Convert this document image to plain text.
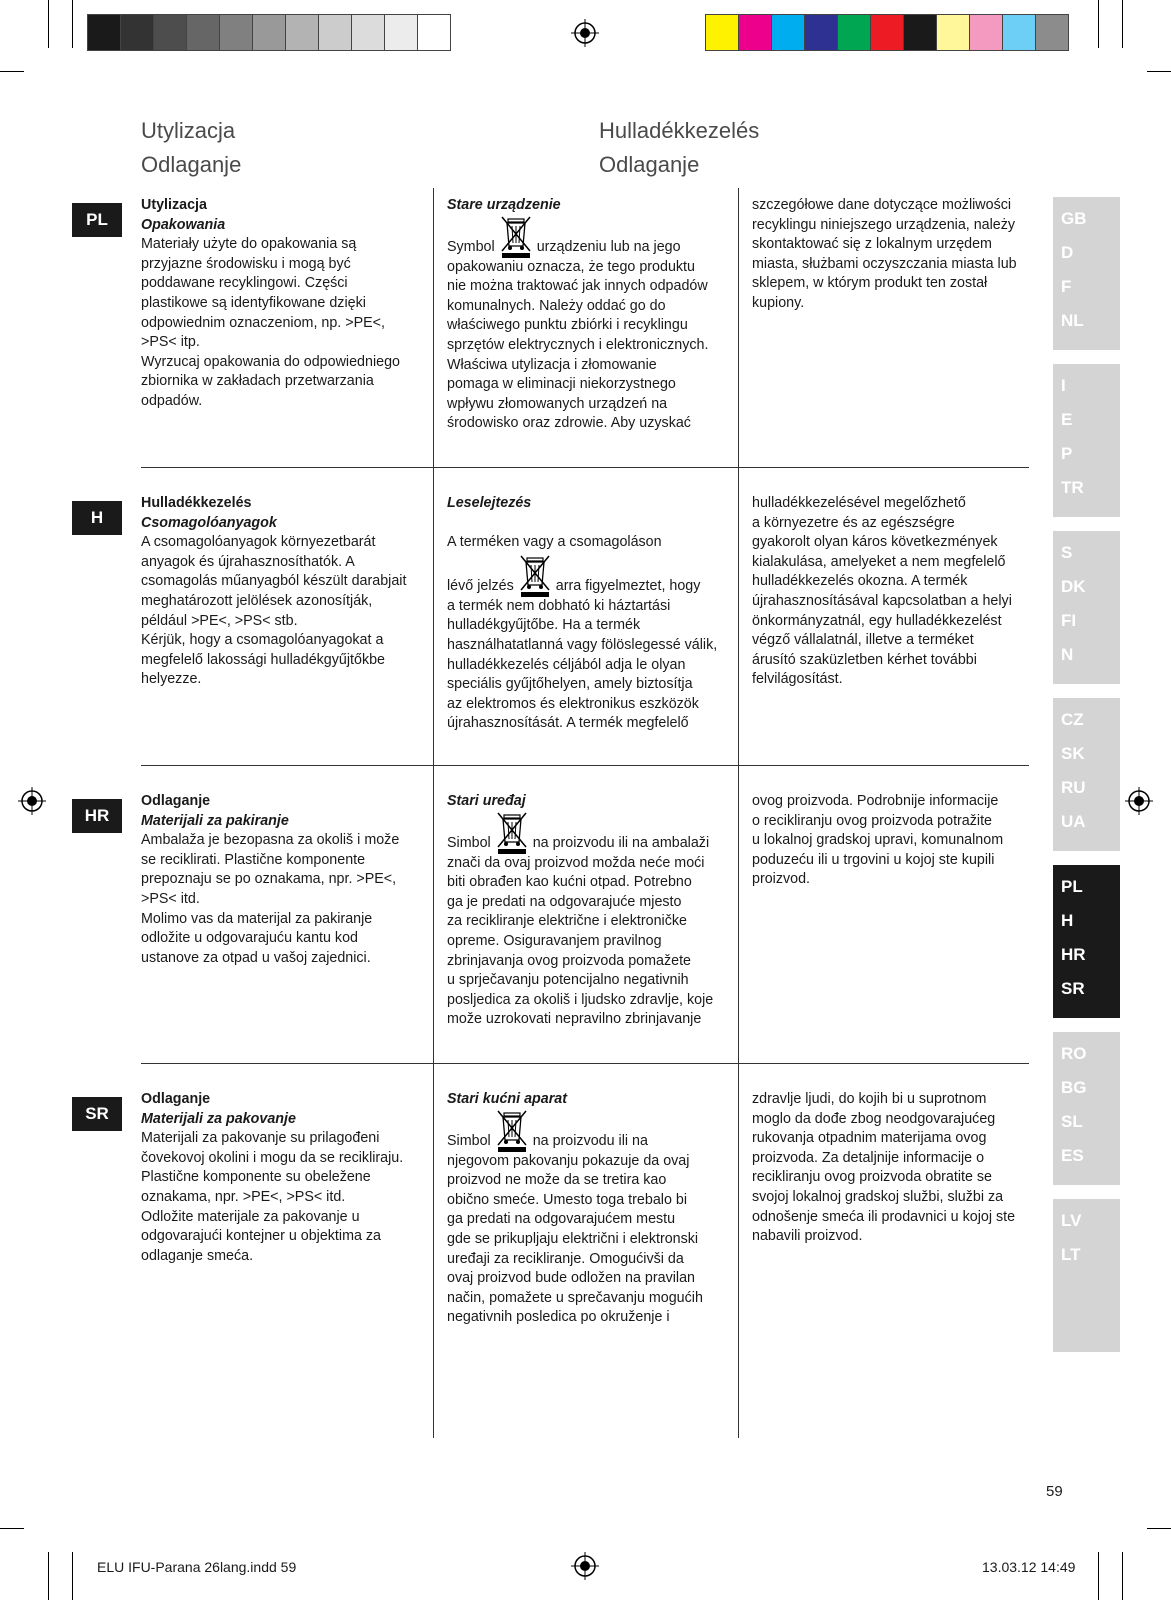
Utylizacja
Odlaganje
Hulladékkezelés
Odlaganje
PL

Utylizacja

Opakowania

Materiały użyte do opakowania są

przyjazne środowisku i mogą być

poddawane recyklingowi. Części

plastikowe są identyfikowane dzięki

odpowiednim oznaczeniom, np. >PE<,

>PS< itp.

Wyrzucaj opakowania do odpowiedniego

zbiornika w zakładach przetwarzania

odpadów.

Stare urządzenie

Symbol	urządzeniu lub na jego

opakowaniu oznacza, że tego produktu

nie można traktować jak innych odpadów

komunalnych. Należy oddać go do

właściwego punktu zbiórki i recyklingu

sprzętów elektrycznych i elektronicznych.

Właściwa utylizacja i złomowanie

pomaga w eliminacji niekorzystnego

wpływu złomowanych urządzeń na

środowisko oraz zdrowie. Aby uzyskać

szczegółowe dane dotyczące możliwości

recyklingu niniejszego urządzenia, należy

skontaktować się z lokalnym urzędem

miasta, służbami oczyszczania miasta lub

sklepem, w którym produkt ten został

kupiony.

H

Hulladékkezelés

Csomagolóanyagok

A csomagolóanyagok környezetbarát

anyagok és újrahasznosíthatók. A

csomagolás műanyagból készült darabjait

meghatározott jelölések azonosítják,

például >PE<, >PS< stb.

Kérjük, hogy a csomagolóanyagokat a

megfelelő lakossági hulladékgyűjtőkbe

helyezze.

Leselejtezés

A terméken vagy a csomagoláson

lévő jelzés	arra figyelmeztet, hogy

a termék nem dobható ki háztartási

hulladékgyűjtőbe. Ha a termék

használhatatlanná vagy fölöslegessé válik,

hulladékkezelés céljából adja le olyan

speciális gyűjtőhelyen, amely biztosítja

az elektromos és elektronikus eszközök

újrahasznosítását. A termék megfelelő

hulladékkezelésével megelőzhető

a környezetre és az egészségre

gyakorolt olyan káros következmények

kialakulása, amelyeket a nem megfelelő

hulladékkezelés okozna. A termék

újrahasznosításával kapcsolatban a helyi

önkormányzatnál, egy hulladékkezelést

végző vállalatnál, illetve a terméket

árusító szaküzletben kérhet további

felvilágosítást.

HR

Odlaganje

Materijali za pakiranje

Ambalaža je bezopasna za okoliš i može

se reciklirati. Plastične komponente

prepoznaju se po oznakama, npr. >PE<,

>PS< itd.

Molimo vas da materijal za pakiranje

odložite u odgovarajuću kantu kod

ustanove za otpad u vašoj zajednici.

Stari uređaj

Simbol	na proizvodu ili na ambalaži

znači da ovaj proizvod možda neće moći

biti obrađen kao kućni otpad. Potrebno

ga je predati na odgovarajuće mjesto

za recikliranje električne i elektroničke

opreme. Osiguravanjem pravilnog

zbrinjavanja ovog proizvoda pomažete

u sprječavanju potencijalno negativnih

posljedica za okoliš i ljudsko zdravlje, koje

može uzrokovati nepravilno zbrinjavanje

ovog proizvoda. Podrobnije informacije

o recikliranju ovog proizvoda potražite

u lokalnoj gradskoj upravi, komunalnom

poduzeću ili u trgovini u kojoj ste kupili

proizvod.

SR

Odlaganje

Materijali za pakovanje

Materijali za pakovanje su prilagođeni

čovekovoj okolini i mogu da se recikliraju.

Plastične komponente su obeležene

oznakama, npr. >PE<, >PS< itd.

Odložite materijale za pakovanje u

odgovarajući kontejner u objektima za

odlaganje smeća.

Stari kućni aparat

Simbol	na proizvodu ili na

njegovom pakovanju pokazuje da ovaj

proizvod ne može da se tretira kao

obično smeće. Umesto toga trebalo bi

ga predati na odgovarajućem mestu

gde se prikupljaju električni i elektronski

uređaji za recikliranje. Omogućivši da

ovaj proizvod bude odložen na pravilan

način, pomažete u sprečavanju mogućih

negativnih posledica po okruženje i

zdravlje ljudi, do kojih bi u suprotnom

moglo da dođe zbog neodgovarajućeg

rukovanja otpadnim materijama ovog

proizvoda. Za detaljnije informacije o

recikliranju ovog proizvoda obratite se

svojoj lokalnoj gradskoj službi, službi za

odnošenje smeća ili prodavnici u kojoj ste

nabavili proizvod.

GB
D
F
NL
I
E
P
TR
S
DK
FI
N
CZ
SK
RU
UA
PL
H
HR
SR
RO
BG
SL
ES
LV
LT
59
ELU IFU-Parana 26lang.indd 59	13.03.12 14:49
